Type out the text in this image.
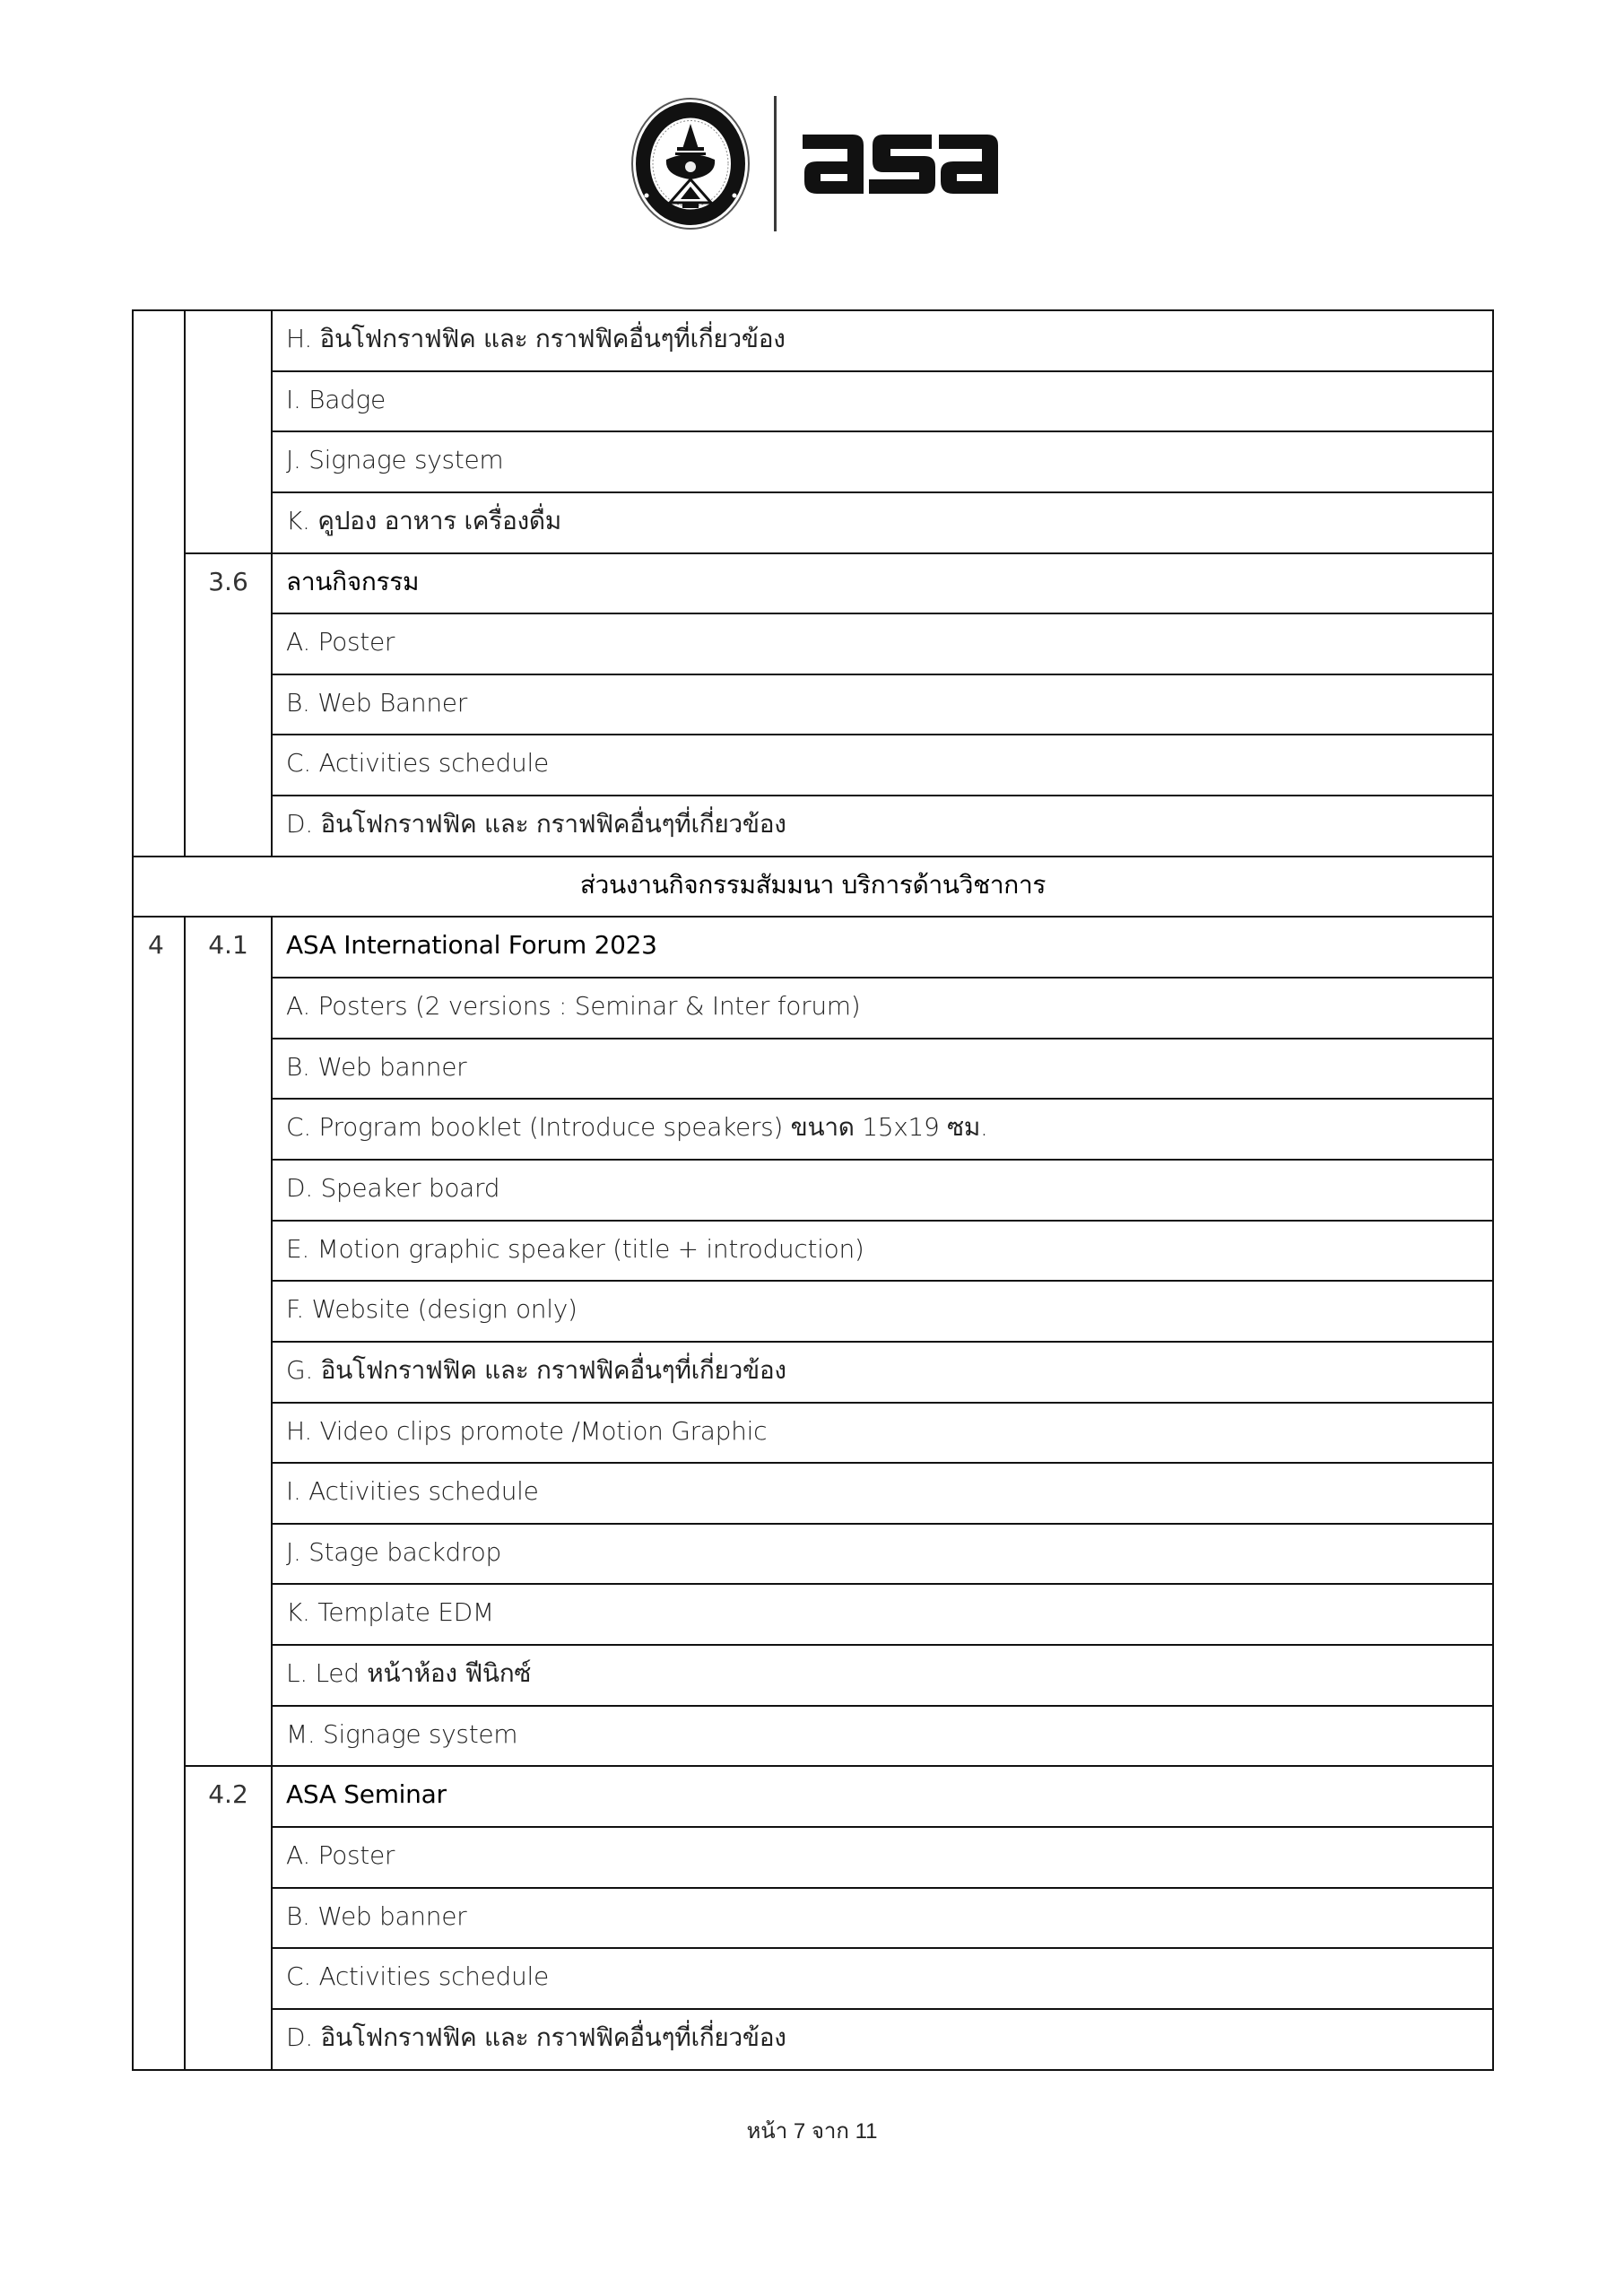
		H. อินโฟกราฟฟิค และ กราฟฟิคอื่นๆที่เกี่ยวข้อง

		I. Badge

		J. Signage system

		K. คูปอง อาหาร เครื่องดื่ม

	3.6	ลานกิจกรรม

		A. Poster

		B. Web Banner

		C. Activities schedule

		D. อินโฟกราฟฟิค และ กราฟฟิคอื่นๆที่เกี่ยวข้อง

ส่วนงานกิจกรรมสัมมนา บริการด้านวิชาการ		

4	4.1	ASA International Forum 2023

		A. Posters (2 versions : Seminar & Inter forum)

		B. Web banner

		C. Program booklet (Introduce speakers) ขนาด 15x19 ซม.

		D. Speaker board

		E. Motion graphic speaker (title + introduction)

		F. Website (design only)

		G. อินโฟกราฟฟิค และ กราฟฟิคอื่นๆที่เกี่ยวข้อง

		H. Video clips promote /Motion Graphic

		I. Activities schedule

		J. Stage backdrop

		K. Template EDM

		L. Led หน้าห้อง ฟีนิกซ์

		M. Signage system

	4.2	ASA Seminar

		A. Poster

		B. Web banner

		C. Activities schedule

		D. อินโฟกราฟฟิค และ กราฟฟิคอื่นๆที่เกี่ยวข้อง
หน้า 7 จาก 11
